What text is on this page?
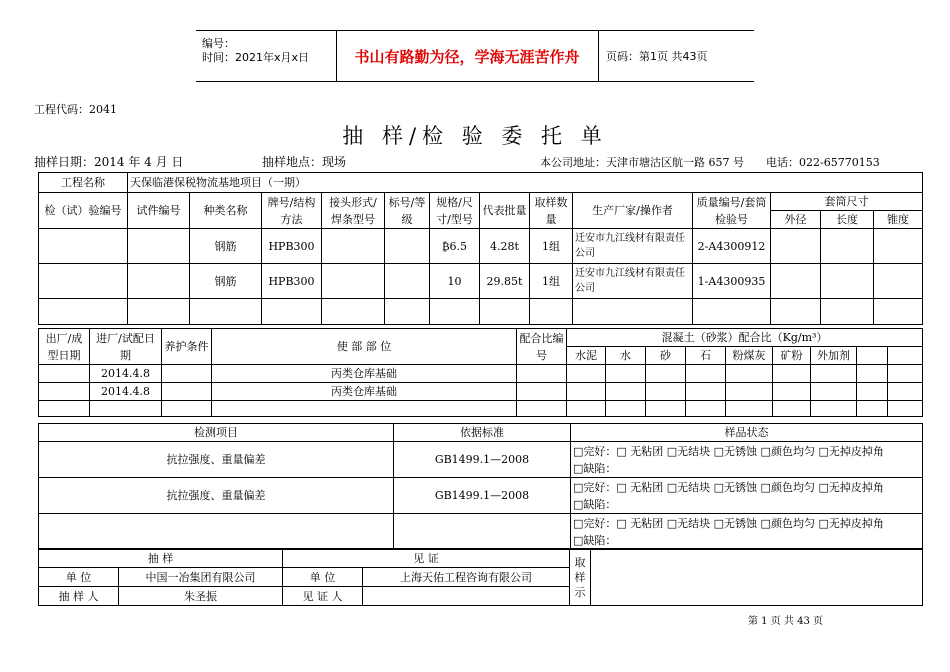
编号：
时间：2021年x月x日	书山有路勤为径，学海无涯苦作舟	页码：第1页 共43页
工程代码：2041
抽 样/检 验 委 托 单
抽样日期：2014 年 4 月 日	抽样地点：现场	本公司地址：天津市塘沽区航一路 657 号 电话：022-65770153
工程名称	天保临港保税物流基地项目（一期）												
检（试）验编号	试件编号	种类名称	牌号/结构方法	接头形式/焊条型号	标号/等级	规格/尺寸/型号	代表批量	取样数量	生产厂家/操作者	质量编号/套筒检验号	套筒尺寸		
											外径	长度	锥度
		钢筋	HPB300			₿6.5	4.28t	1组	迁安市九江线材有限责任公司	2-A4300912			
		钢筋	HPB300			10	29.85t	1组	迁安市九江线材有限责任公司	1-A4300935			

出厂/成型日期	进厂/试配日期	养护条件	使 部 部 位	配合比编号	混凝土（砂浆）配合比（Kg/m³）								
					水泥	水	砂	石	粉煤灰	矿粉	外加剂		
	2014.4.8		丙类仓库基础										
	2014.4.8		丙类仓库基础										

检测项目	依据标准	样品状态
抗拉强度、重量偏差	GB1499.1—2008	□完好：□ 无粘团 □无结块 □无锈蚀 □颜色均匀 □无掉皮掉角
□缺陷：

抗拉强度、重量偏差	GB1499.1—2008	□完好：□ 无粘团 □无结块 □无锈蚀 □颜色均匀 □无掉皮掉角
□缺陷：

		□完好：□ 无粘团 □无结块 □无锈蚀 □颜色均匀 □无掉皮掉角
□缺陷：
抽 样		见 证		取样示	
单 位	中国一冶集团有限公司	单 位	上海天佑工程咨询有限公司		
抽 样 人	朱圣振	见 证 人			
第 1 页 共 43 页
